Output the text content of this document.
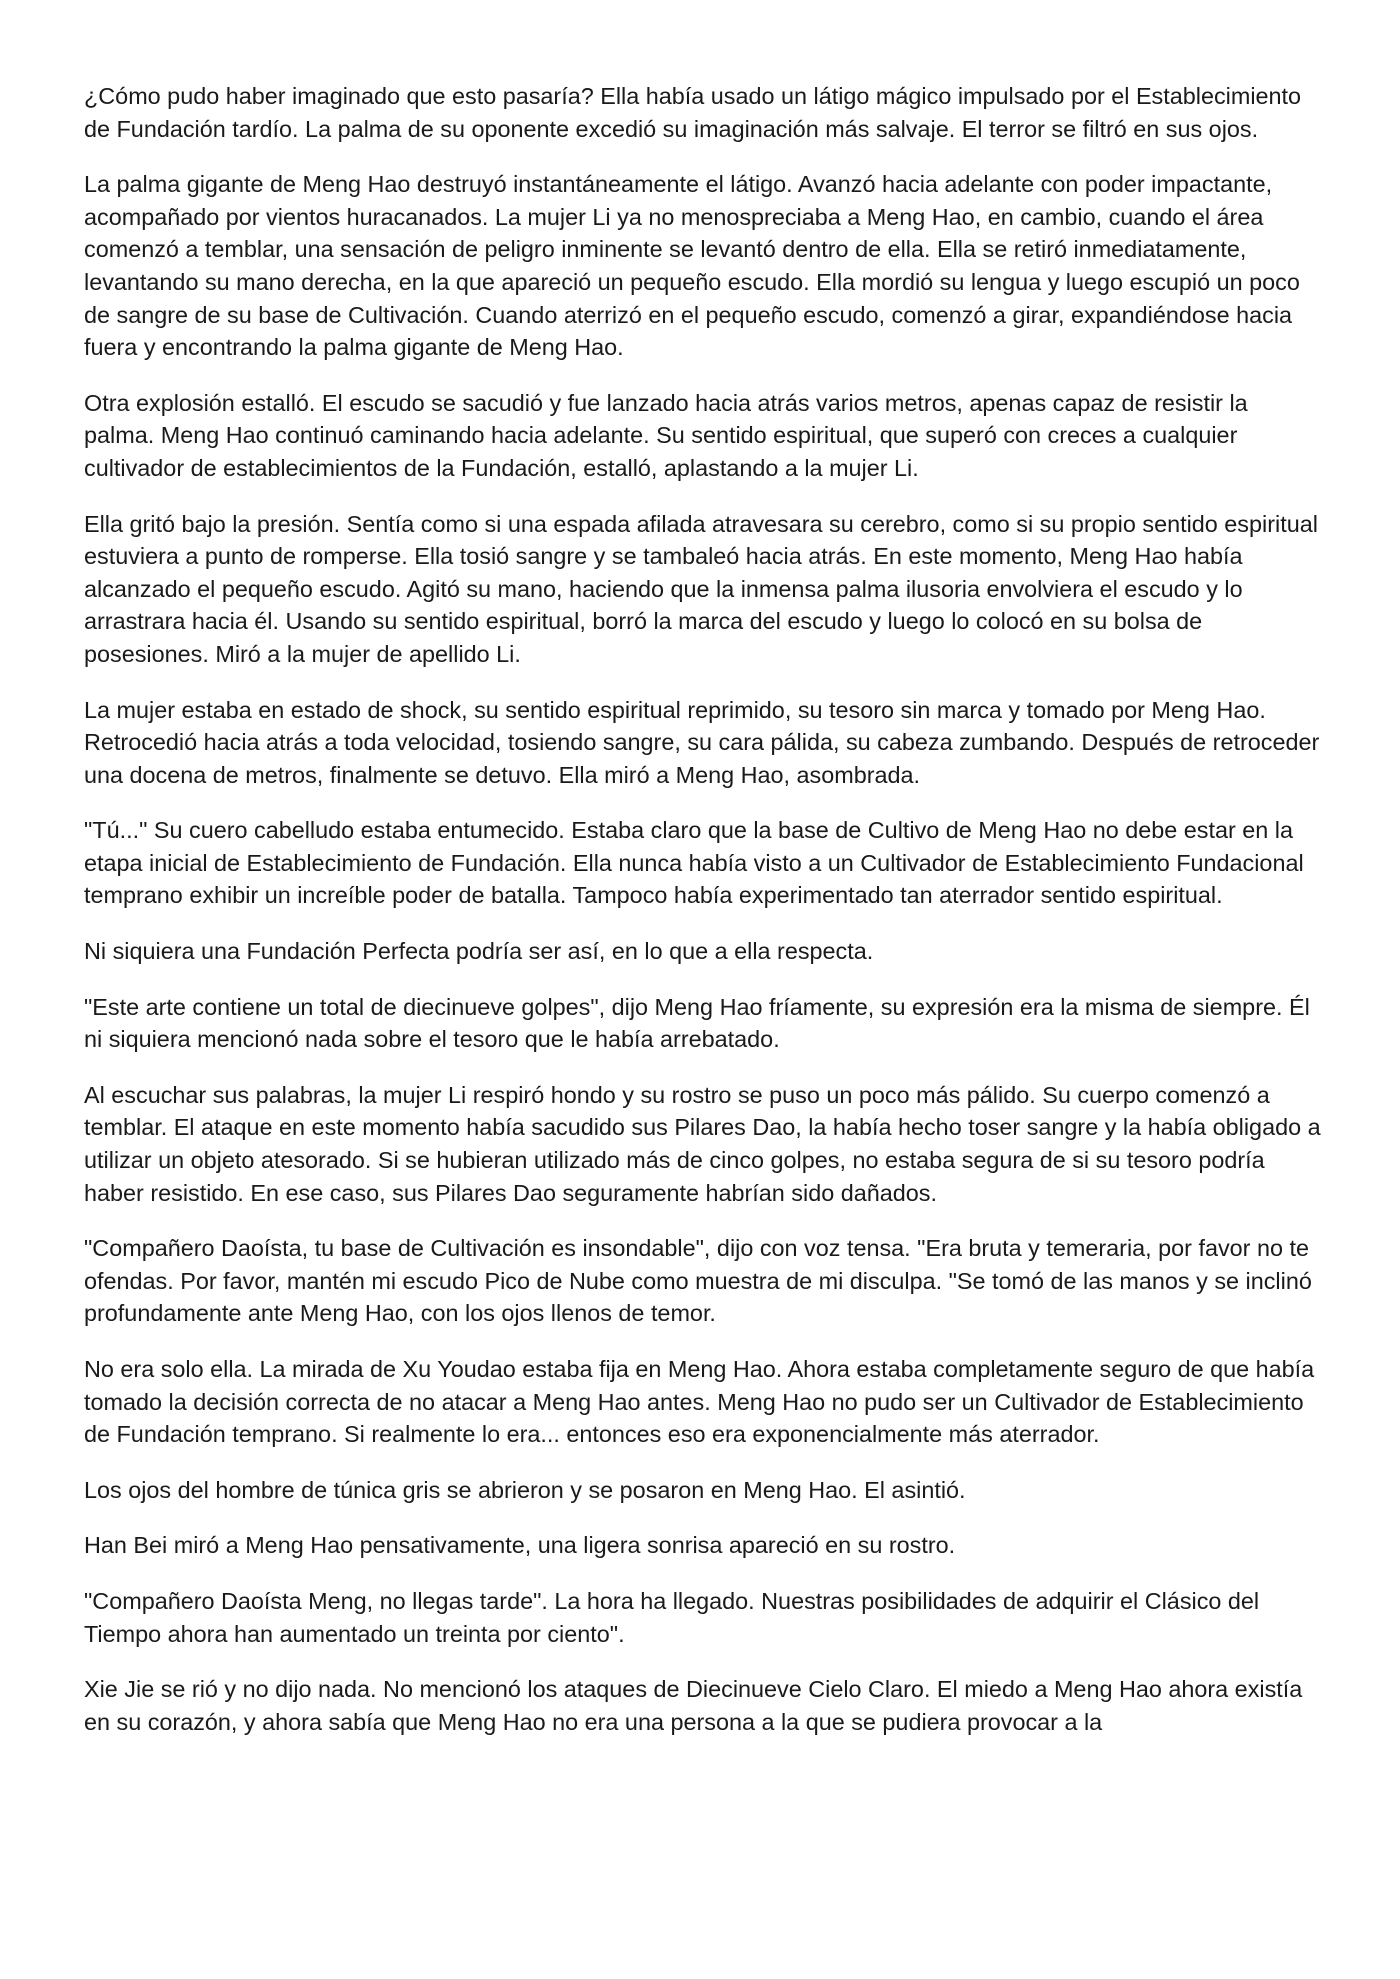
¿Cómo pudo haber imaginado que esto pasaría? Ella había usado un látigo mágico impulsado por el Establecimiento de Fundación tardío. La palma de su oponente excedió su imaginación más salvaje. El terror se filtró en sus ojos.

La palma gigante de Meng Hao destruyó instantáneamente el látigo. Avanzó hacia adelante con poder impactante, acompañado por vientos huracanados. La mujer Li ya no menospreciaba a Meng Hao, en cambio, cuando el área comenzó a temblar, una sensación de peligro inminente se levantó dentro de ella. Ella se retiró inmediatamente, levantando su mano derecha, en la que apareció un pequeño escudo. Ella mordió su lengua y luego escupió un poco de sangre de su base de Cultivación. Cuando aterrizó en el pequeño escudo, comenzó a girar, expandiéndose hacia fuera y encontrando la palma gigante de Meng Hao.

Otra explosión estalló. El escudo se sacudió y fue lanzado hacia atrás varios metros, apenas capaz de resistir la palma. Meng Hao continuó caminando hacia adelante. Su sentido espiritual, que superó con creces a cualquier cultivador de establecimientos de la Fundación, estalló, aplastando a la mujer Li.

Ella gritó bajo la presión. Sentía como si una espada afilada atravesara su cerebro, como si su propio sentido espiritual estuviera a punto de romperse. Ella tosió sangre y se tambaleó hacia atrás. En este momento, Meng Hao había alcanzado el pequeño escudo. Agitó su mano, haciendo que la inmensa palma ilusoria envolviera el escudo y lo arrastrara hacia él. Usando su sentido espiritual, borró la marca del escudo y luego lo colocó en su bolsa de posesiones. Miró a la mujer de apellido Li.

La mujer estaba en estado de shock, su sentido espiritual reprimido, su tesoro sin marca y tomado por Meng Hao. Retrocedió hacia atrás a toda velocidad, tosiendo sangre, su cara pálida, su cabeza zumbando. Después de retroceder una docena de metros, finalmente se detuvo. Ella miró a Meng Hao, asombrada.

"Tú..." Su cuero cabelludo estaba entumecido. Estaba claro que la base de Cultivo de Meng Hao no debe estar en la etapa inicial de Establecimiento de Fundación. Ella nunca había visto a un Cultivador de Establecimiento Fundacional temprano exhibir un increíble poder de batalla. Tampoco había experimentado tan aterrador sentido espiritual.

Ni siquiera una Fundación Perfecta podría ser así, en lo que a ella respecta.

"Este arte contiene un total de diecinueve golpes", dijo Meng Hao fríamente, su expresión era la misma de siempre. Él ni siquiera mencionó nada sobre el tesoro que le había arrebatado.

Al escuchar sus palabras, la mujer Li respiró hondo y su rostro se puso un poco más pálido. Su cuerpo comenzó a temblar. El ataque en este momento había sacudido sus Pilares Dao, la había hecho toser sangre y la había obligado a utilizar un objeto atesorado. Si se hubieran utilizado más de cinco golpes, no estaba segura de si su tesoro podría haber resistido. En ese caso, sus Pilares Dao seguramente habrían sido dañados.

"Compañero Daoísta, tu base de Cultivación es insondable", dijo con voz tensa. "Era bruta y temeraria, por favor no te ofendas. Por favor, mantén mi escudo Pico de Nube como muestra de mi disculpa. "Se tomó de las manos y se inclinó profundamente ante Meng Hao, con los ojos llenos de temor.

No era solo ella. La mirada de Xu Youdao estaba fija en Meng Hao. Ahora estaba completamente seguro de que había tomado la decisión correcta de no atacar a Meng Hao antes. Meng Hao no pudo ser un Cultivador de Establecimiento de Fundación temprano. Si realmente lo era... entonces eso era exponencialmente más aterrador.

Los ojos del hombre de túnica gris se abrieron y se posaron en Meng Hao. El asintió.

Han Bei miró a Meng Hao pensativamente, una ligera sonrisa apareció en su rostro.

"Compañero Daoísta Meng, no llegas tarde". La hora ha llegado. Nuestras posibilidades de adquirir el Clásico del Tiempo ahora han aumentado un treinta por ciento".

Xie Jie se rió y no dijo nada. No mencionó los ataques de Diecinueve Cielo Claro. El miedo a Meng Hao ahora existía en su corazón, y ahora sabía que Meng Hao no era una persona a la que se pudiera provocar a la
